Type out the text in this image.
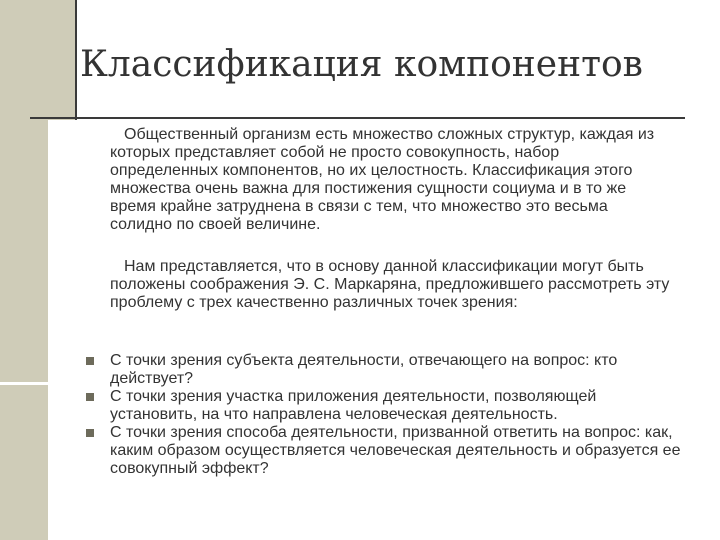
Классификация компонентов

Общественный организм есть множество сложных структур, каждая из которых представляет собой не просто совокупность, набор определенных компонентов, но их целостность. Классификация этого множества очень важна для постижения сущности социума и в то же время крайне затруднена в связи с тем, что множество это весьма солидно по своей величине.

Нам представляется, что в основу данной классификации могут быть положены соображения Э. С. Маркаряна, предложившего рассмотреть эту проблему с трех качественно различных точек зрения:

С точки зрения субъекта деятельности, отвечающего на вопрос: кто действует?
С точки зрения участка приложения деятельности, позволяющей установить, на что направлена человеческая деятельность.
С точки зрения способа деятельности, призванной ответить на вопрос: как, каким образом осуществляется человеческая деятельность и образуется ее совокупный эффект?
